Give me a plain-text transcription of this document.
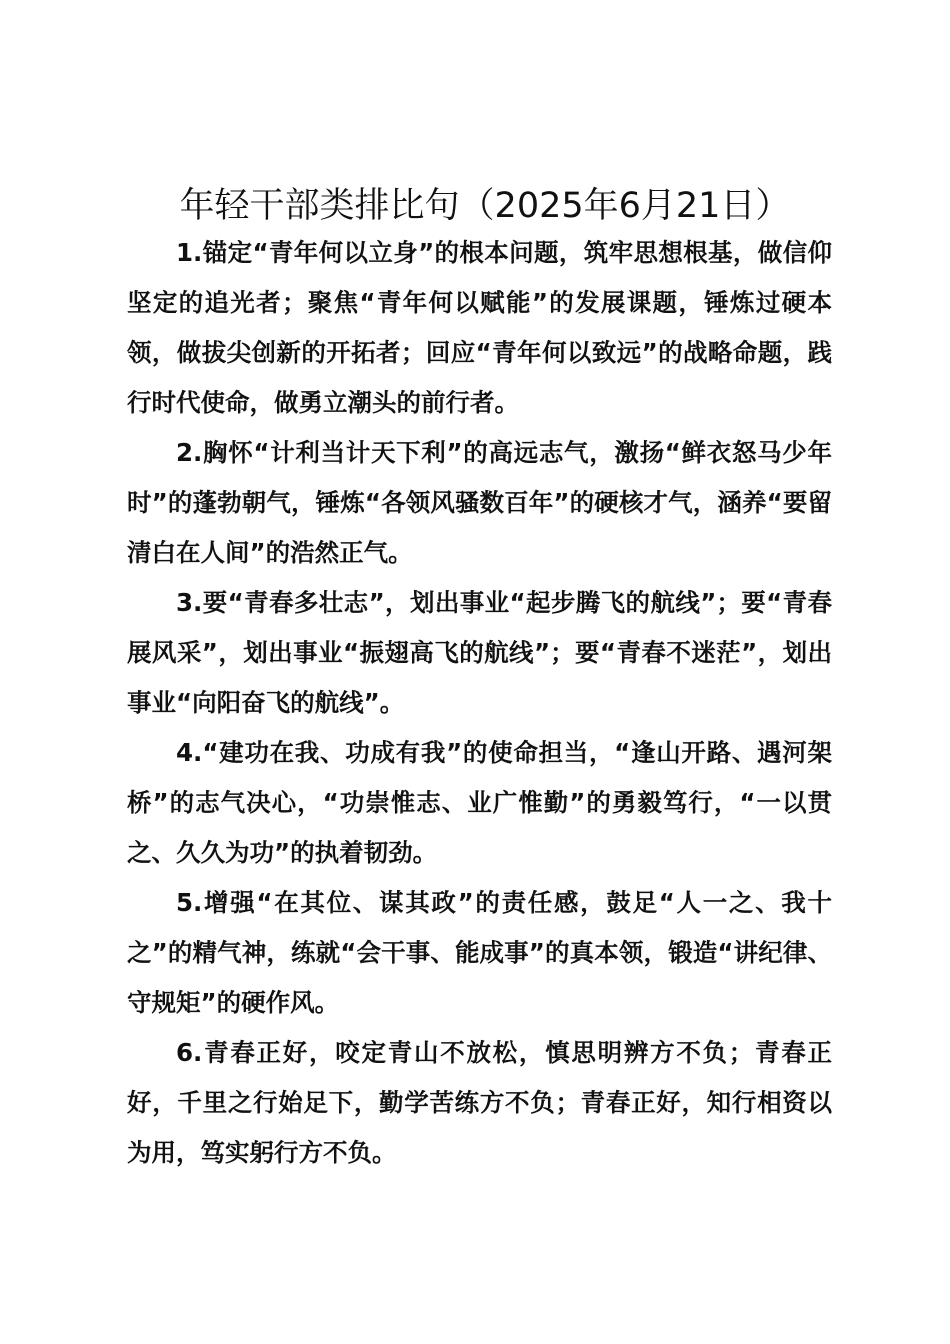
年轻干部类排比句（2025年6月21日）

1.锚定“青年何以立身”的根本问题，筑牢思想根基，做信仰坚定的追光者；聚焦“青年何以赋能”的发展课题，锤炼过硬本领，做拔尖创新的开拓者；回应“青年何以致远”的战略命题，践行时代使命，做勇立潮头的前行者。

2.胸怀“计利当计天下利”的高远志气，激扬“鲜衣怒马少年时”的蓬勃朝气，锤炼“各领风骚数百年”的硬核才气，涵养“要留清白在人间”的浩然正气。

3.要“青春多壮志”，划出事业“起步腾飞的航线”；要“青春展风采”，划出事业“振翅高飞的航线”；要“青春不迷茫”，划出事业“向阳奋飞的航线”。

4.“建功在我、功成有我”的使命担当，“逢山开路、遇河架桥”的志气决心，“功崇惟志、业广惟勤”的勇毅笃行，“一以贯之、久久为功”的执着韧劲。

5.增强“在其位、谋其政”的责任感，鼓足“人一之、我十之”的精气神，练就“会干事、能成事”的真本领，锻造“讲纪律、守规矩”的硬作风。

6.青春正好，咬定青山不放松，慎思明辨方不负；青春正好，千里之行始足下，勤学苦练方不负；青春正好，知行相资以为用，笃实躬行方不负。
